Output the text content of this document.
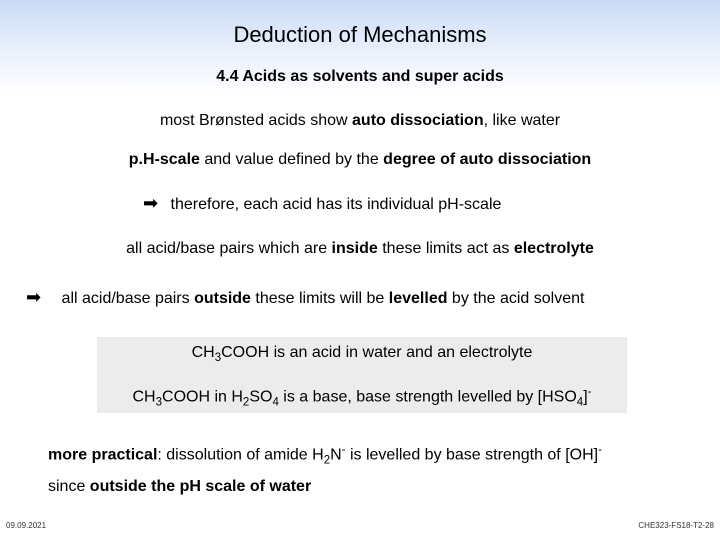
Deduction of Mechanisms
4.4 Acids as solvents and super acids
most Brønsted acids show auto dissociation, like water
p.H-scale and value defined by the degree of auto dissociation
➡ therefore, each acid has its individual pH-scale
all acid/base pairs which are inside these limits act as electrolyte
➡ all acid/base pairs outside these limits will be levelled by the acid solvent
$CH_3COOH$ is an acid in water and an electrolyte
$CH_3COOH$ in $H_2SO_4$ is a base, base strength levelled by $[HSO_4]^-$
more practical: dissolution of amide $H_2N^-$ is levelled by base strength of [OH]-
since outside the pH scale of water
09.09.2021	CHE323-FS18-T2-28
